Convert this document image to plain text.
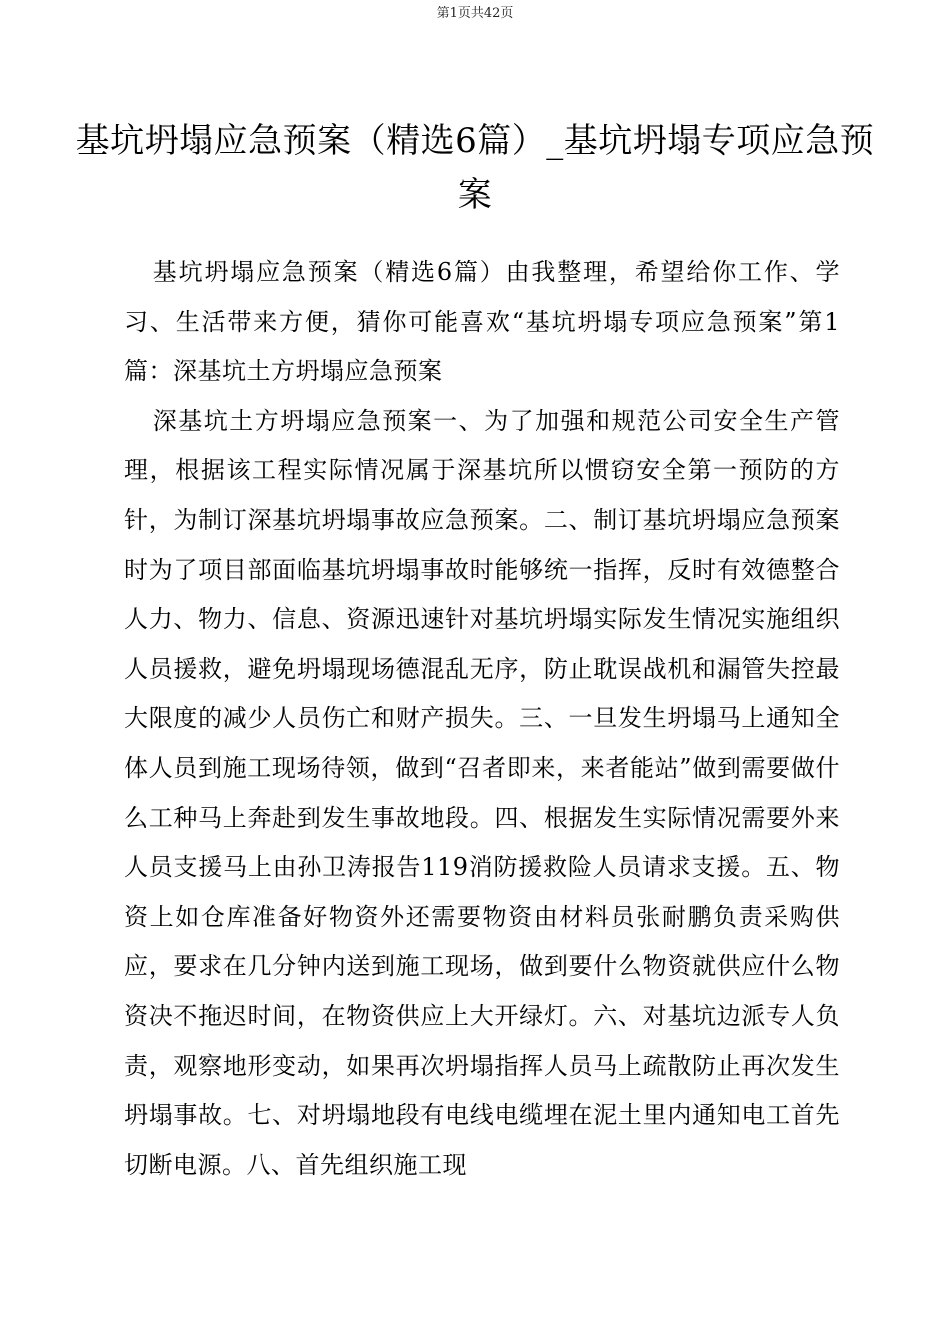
第1页共42页
基坑坍塌应急预案（精选6篇）_基坑坍塌专项应急预案

基坑坍塌应急预案（精选6篇）由我整理，希望给你工作、学习、生活带来方便，猜你可能喜欢“基坑坍塌专项应急预案”第1篇：深基坑土方坍塌应急预案

深基坑土方坍塌应急预案一、为了加强和规范公司安全生产管理，根据该工程实际情况属于深基坑所以惯窃安全第一预防的方针，为制订深基坑坍塌事故应急预案。二、制订基坑坍塌应急预案时为了项目部面临基坑坍塌事故时能够统一指挥，反时有效德整合人力、物力、信息、资源迅速针对基坑坍塌实际发生情况实施组织人员援救，避免坍塌现场德混乱无序，防止耽误战机和漏管失控最大限度的减少人员伤亡和财产损失。三、一旦发生坍塌马上通知全体人员到施工现场待领，做到“召者即来，来者能站”做到需要做什么工种马上奔赴到发生事故地段。四、根据发生实际情况需要外来人员支援马上由孙卫涛报告119消防援救险人员请求支援。五、物资上如仓库准备好物资外还需要物资由材料员张耐鹏负责采购供应，要求在几分钟内送到施工现场，做到要什么物资就供应什么物资决不拖迟时间，在物资供应上大开绿灯。六、对基坑边派专人负责，观察地形变动，如果再次坍塌指挥人员马上疏散防止再次发生坍塌事故。七、对坍塌地段有电线电缆埋在泥土里内通知电工首先切断电源。八、首先组织施工现
